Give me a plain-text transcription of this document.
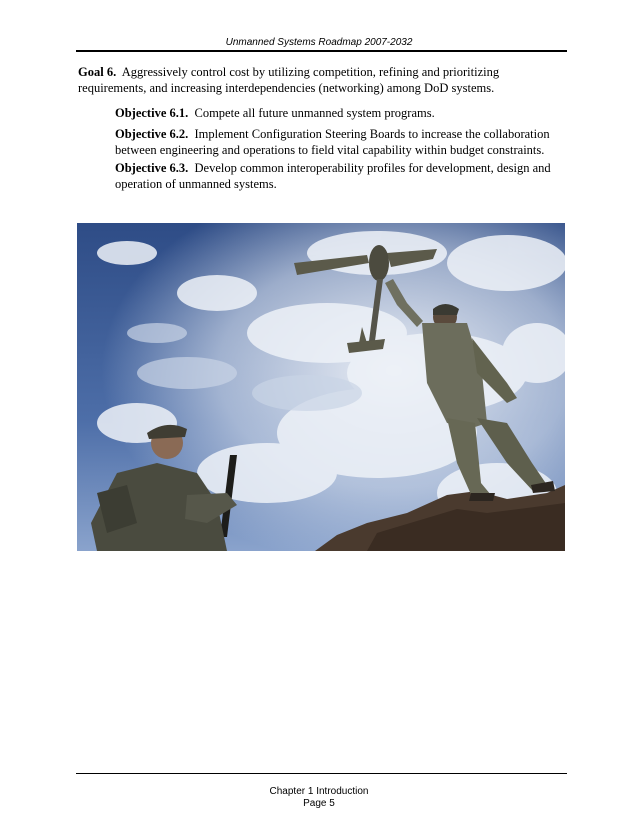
Unmanned Systems Roadmap 2007-2032
Goal 6. Aggressively control cost by utilizing competition, refining and prioritizing requirements, and increasing interdependencies (networking) among DoD systems.
Objective 6.1. Compete all future unmanned system programs.
Objective 6.2. Implement Configuration Steering Boards to increase the collaboration between engineering and operations to field vital capability within budget constraints.
Objective 6.3. Develop common interoperability profiles for development, design and operation of unmanned systems.
Chapter 1 Introduction
Page 5
